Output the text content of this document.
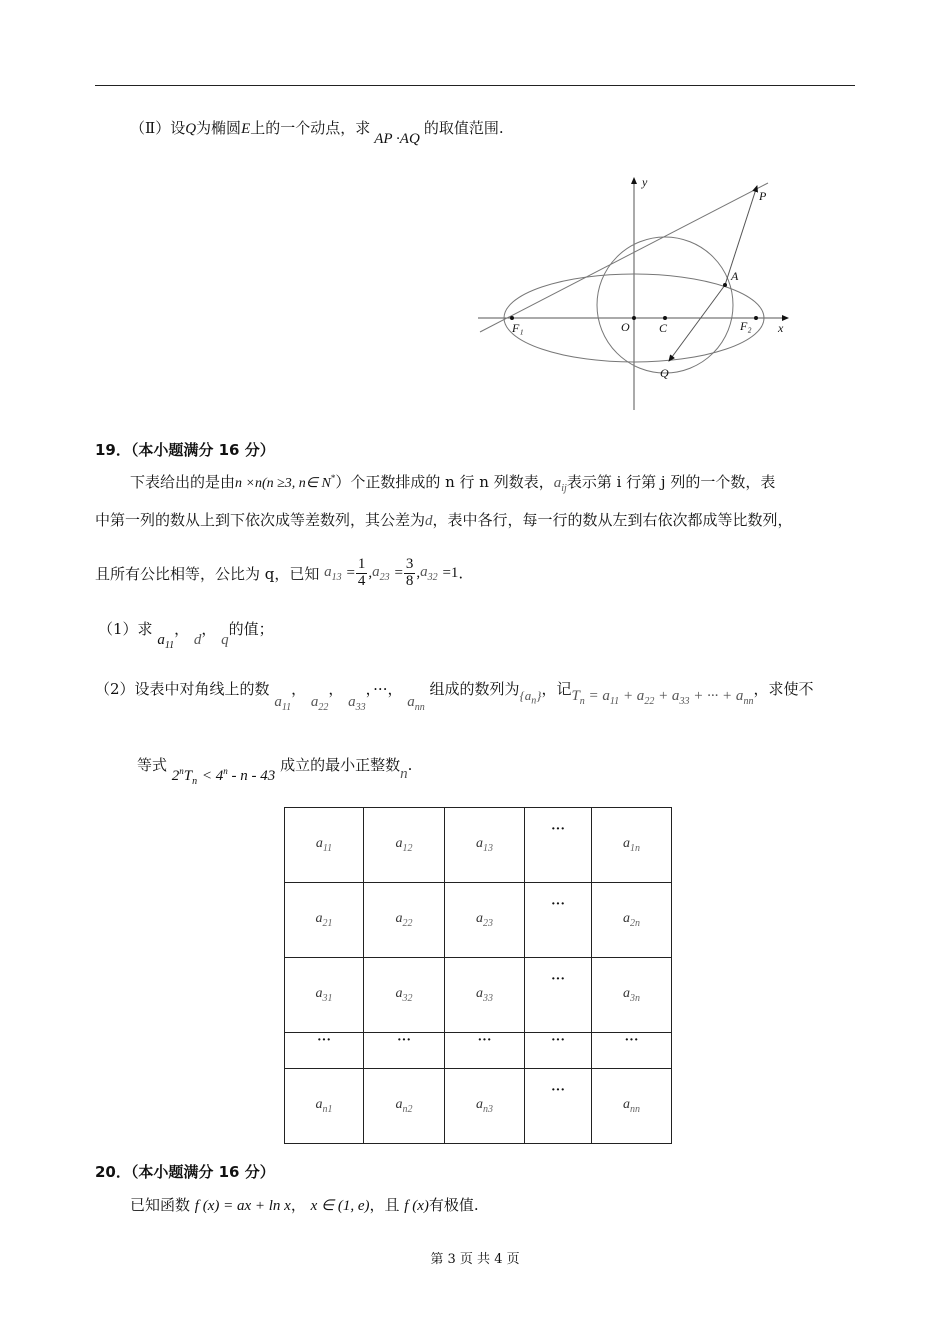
（Ⅱ）设Q为椭圆E上的一个动点，求AP ·AQ的取值范围.
y
x
P
A
F₁	O C	F₂
Q
19．（本小题满分 16 分）
下表给出的是由n ×n(n ≥3, n∈ N*）个正数排成的 n 行 n 列数表，$a_{ij}$表示第 i 行第 j 列的一个数，表
中第一列的数从上到下依次成等差数列，其公差为d，表中各行，每一行的数从左到右依次都成等比数列，
且所有公比相等，公比为 q，已知 $a_{13} = \frac{1}{4} ,a_{23} = \frac{3}{8} ,a_{32} =1$.
（1）求 $a_{11}$， d， q的值；
（2）设表中对角线上的数 $a_{11}$， $a_{22}$， $a_{33}$，···， $a_{nn}$ 组成的数列为$\{a_n\}$，记$T_n = a_{11} + a_{22} + a_{33}$ + ··· + $a_{nn}$，求使不
等式 $2^nT_n < 4^n - n - 43$ 成立的最小正整数n.
$a_{11}$	$a_{12}$	$a_{13}$	···	$a_{1n}$
$a_{21}$	$a_{22}$	$a_{23}$	···	$a_{2n}$
$a_{31}$	$a_{32}$	$a_{33}$	···	$a_{3n}$
···	···	···	···	···
$a_{n1}$	$a_{n2}$	$a_{n3}$	···	$a_{nn}$
20．（本小题满分 16 分）
已知函数 f (x) = ax + ln x， x ∈ (1, e)，且 f (x)有极值.
第 3 页 共 4 页
